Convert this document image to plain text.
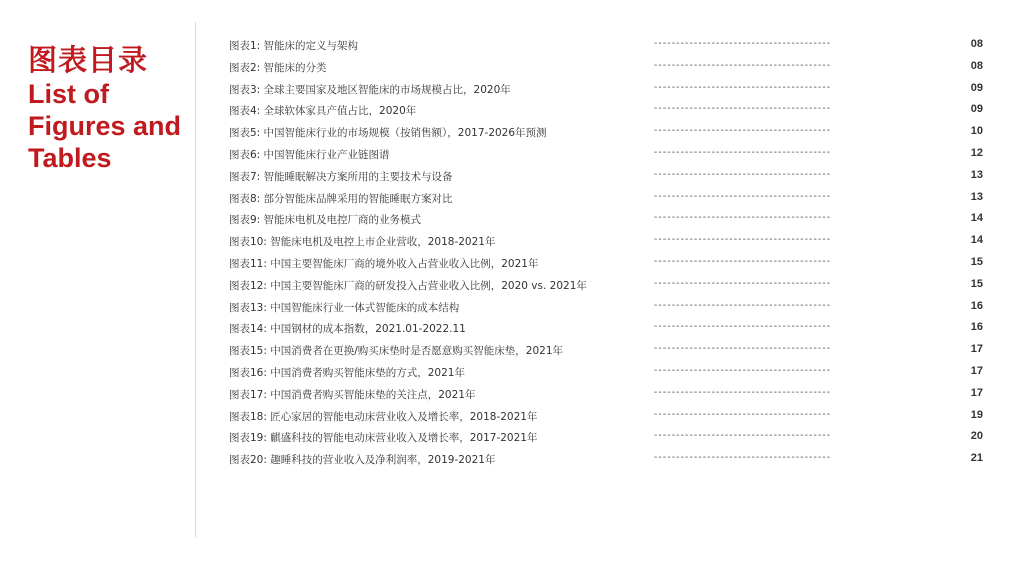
图表目录
List of Figures and Tables
图表1: 智能床的定义与架构	----------------------------------------	08
图表2: 智能床的分类	----------------------------------------	08
图表3: 全球主要国家及地区智能床的市场规模占比，2020年	----------------------------------------	09
图表4: 全球软体家具产值占比，2020年	----------------------------------------	09
图表5: 中国智能床行业的市场规模（按销售额），2017-2026年预测	----------------------------------------	10
图表6: 中国智能床行业产业链图谱	----------------------------------------	12
图表7: 智能睡眠解决方案所用的主要技术与设备	----------------------------------------	13
图表8: 部分智能床品牌采用的智能睡眠方案对比	----------------------------------------	13
图表9: 智能床电机及电控厂商的业务模式	----------------------------------------	14
图表10: 智能床电机及电控上市企业营收，2018-2021年	----------------------------------------	14
图表11: 中国主要智能床厂商的境外收入占营业收入比例，2021年	----------------------------------------	15
图表12: 中国主要智能床厂商的研发投入占营业收入比例，2020 vs. 2021年	----------------------------------------	15
图表13: 中国智能床行业一体式智能床的成本结构	----------------------------------------	16
图表14: 中国钢材的成本指数，2021.01-2022.11	----------------------------------------	16
图表15: 中国消费者在更换/购买床垫时是否愿意购买智能床垫，2021年	----------------------------------------	17
图表16: 中国消费者购买智能床垫的方式，2021年	----------------------------------------	17
图表17: 中国消费者购买智能床垫的关注点，2021年	----------------------------------------	17
图表18: 匠心家居的智能电动床营业收入及增长率，2018-2021年	----------------------------------------	19
图表19: 麒盛科技的智能电动床营业收入及增长率，2017-2021年	----------------------------------------	20
图表20: 趣睡科技的营业收入及净利润率，2019-2021年	----------------------------------------	21
